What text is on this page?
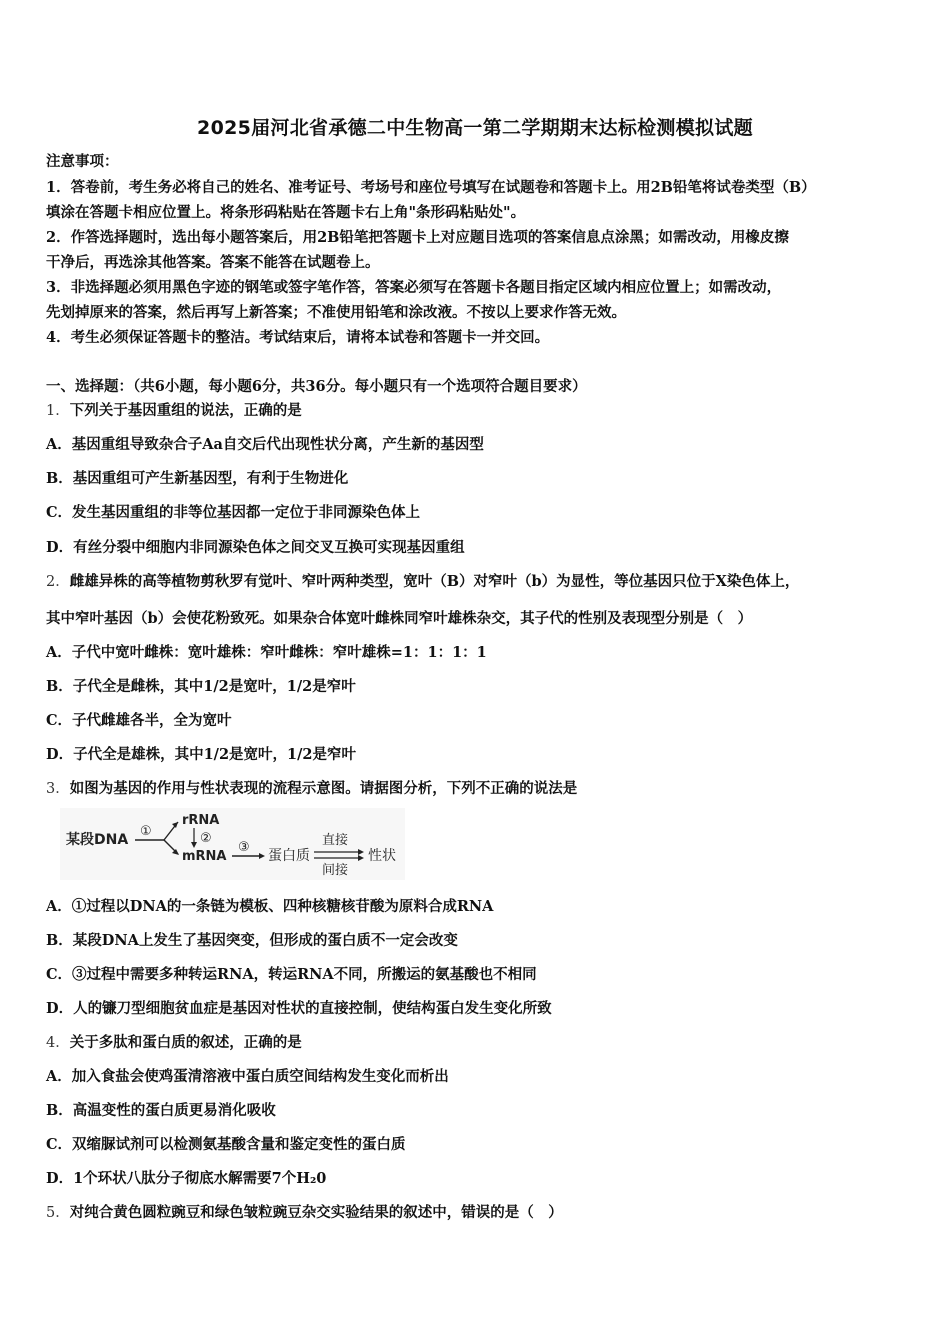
2025届河北省承德二中生物高一第二学期期末达标检测模拟试题
注意事项：
1．答卷前，考生务必将自己的姓名、准考证号、考场号和座位号填写在试题卷和答题卡上。用2B铅笔将试卷类型（B）
填涂在答题卡相应位置上。将条形码粘贴在答题卡右上角"条形码粘贴处"。
2．作答选择题时，选出每小题答案后，用2B铅笔把答题卡上对应题目选项的答案信息点涂黑；如需改动，用橡皮擦
干净后，再选涂其他答案。答案不能答在试题卷上。
3．非选择题必须用黑色字迹的钢笔或签字笔作答，答案必须写在答题卡各题目指定区域内相应位置上；如需改动，
先划掉原来的答案，然后再写上新答案；不准使用铅笔和涂改液。不按以上要求作答无效。
4．考生必须保证答题卡的整洁。考试结束后，请将本试卷和答题卡一并交回。
一、选择题：（共6小题，每小题6分，共36分。每小题只有一个选项符合题目要求）
1．下列关于基因重组的说法，正确的是
A．基因重组导致杂合子Aa自交后代出现性状分离，产生新的基因型
B．基因重组可产生新基因型，有利于生物进化
C．发生基因重组的非等位基因都一定位于非同源染色体上
D．有丝分裂中细胞内非同源染色体之间交叉互换可实现基因重组
2．雌雄异株的高等植物剪秋罗有觉叶、窄叶两种类型，宽叶（B）对窄叶（b）为显性，等位基因只位于X染色体上，
其中窄叶基因（b）会使花粉致死。如果杂合体宽叶雌株同窄叶雄株杂交，其子代的性别及表现型分别是（　）
A．子代中宽叶雌株：宽叶雄株：窄叶雌株：窄叶雄株=1：1：1：1
B．子代全是雌株，其中1/2是宽叶，1/2是窄叶
C．子代雌雄各半，全为宽叶
D．子代全是雄株，其中1/2是宽叶，1/2是窄叶
3．如图为基因的作用与性状表现的流程示意图。请据图分析，下列不正确的说法是
某段DNA
①
rRNA
②
mRNA
③
蛋白质
直接
间接
性状
A．①过程以DNA的一条链为模板、四种核糖核苷酸为原料合成RNA
B．某段DNA上发生了基因突变，但形成的蛋白质不一定会改变
C．③过程中需要多种转运RNA，转运RNA不同，所搬运的氨基酸也不相同
D．人的镰刀型细胞贫血症是基因对性状的直接控制，使结构蛋白发生变化所致
4．关于多肽和蛋白质的叙述，正确的是
A．加入食盐会使鸡蛋清溶液中蛋白质空间结构发生变化而析出
B．高温变性的蛋白质更易消化吸收
C．双缩脲试剂可以检测氨基酸含量和鉴定变性的蛋白质
D．1个环状八肽分子彻底水解需要7个H₂0
5．对纯合黄色圆粒豌豆和绿色皱粒豌豆杂交实验结果的叙述中，错误的是（　）
